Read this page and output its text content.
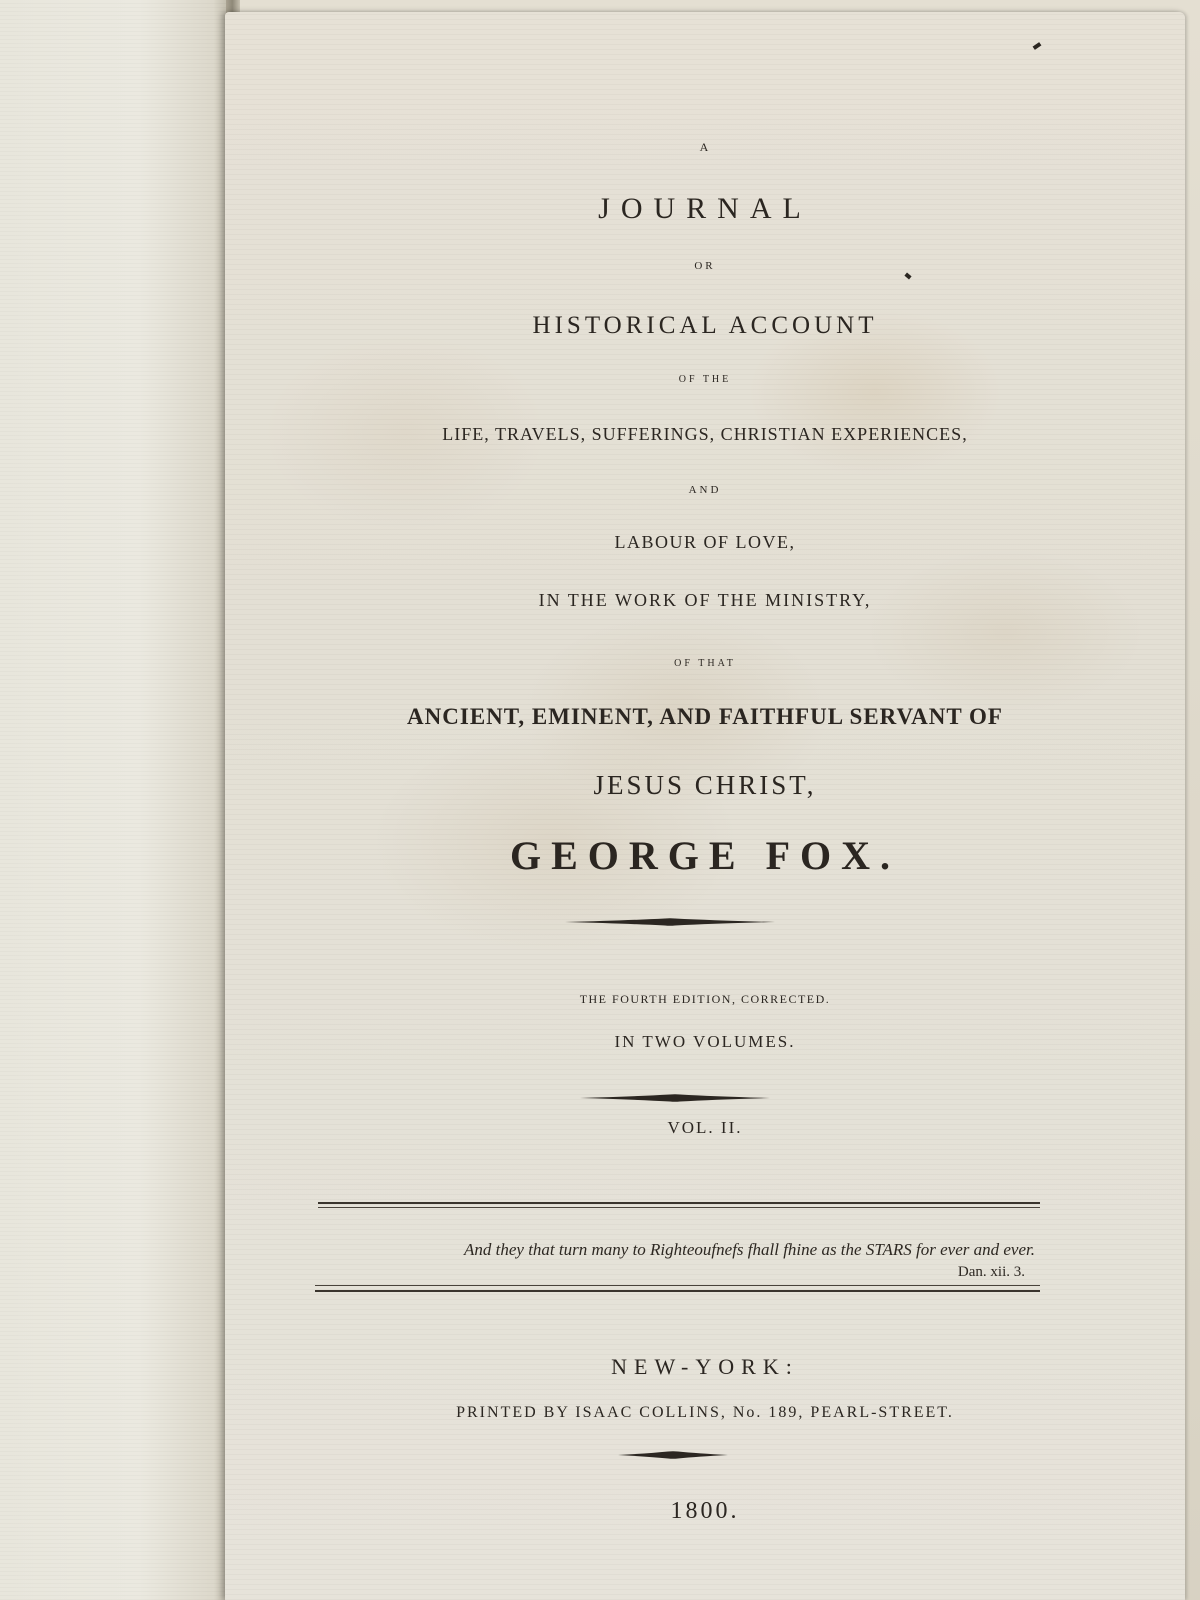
A
JOURNAL
OR
HISTORICAL ACCOUNT
OF THE
LIFE, TRAVELS, SUFFERINGS, CHRISTIAN EXPERIENCES,
AND
LABOUR OF LOVE,
IN THE WORK OF THE MINISTRY,
OF THAT
ANCIENT, EMINENT, AND FAITHFUL SERVANT OF
JESUS CHRIST,
GEORGE FOX.
THE FOURTH EDITION, CORRECTED.
IN TWO VOLUMES.
VOL. II.
And they that turn many to Righteoufnefs fhall fhine as the STARS for ever and ever.
Dan. xii. 3.
NEW-YORK:
PRINTED BY ISAAC COLLINS, No. 189, PEARL-STREET.
1800.
